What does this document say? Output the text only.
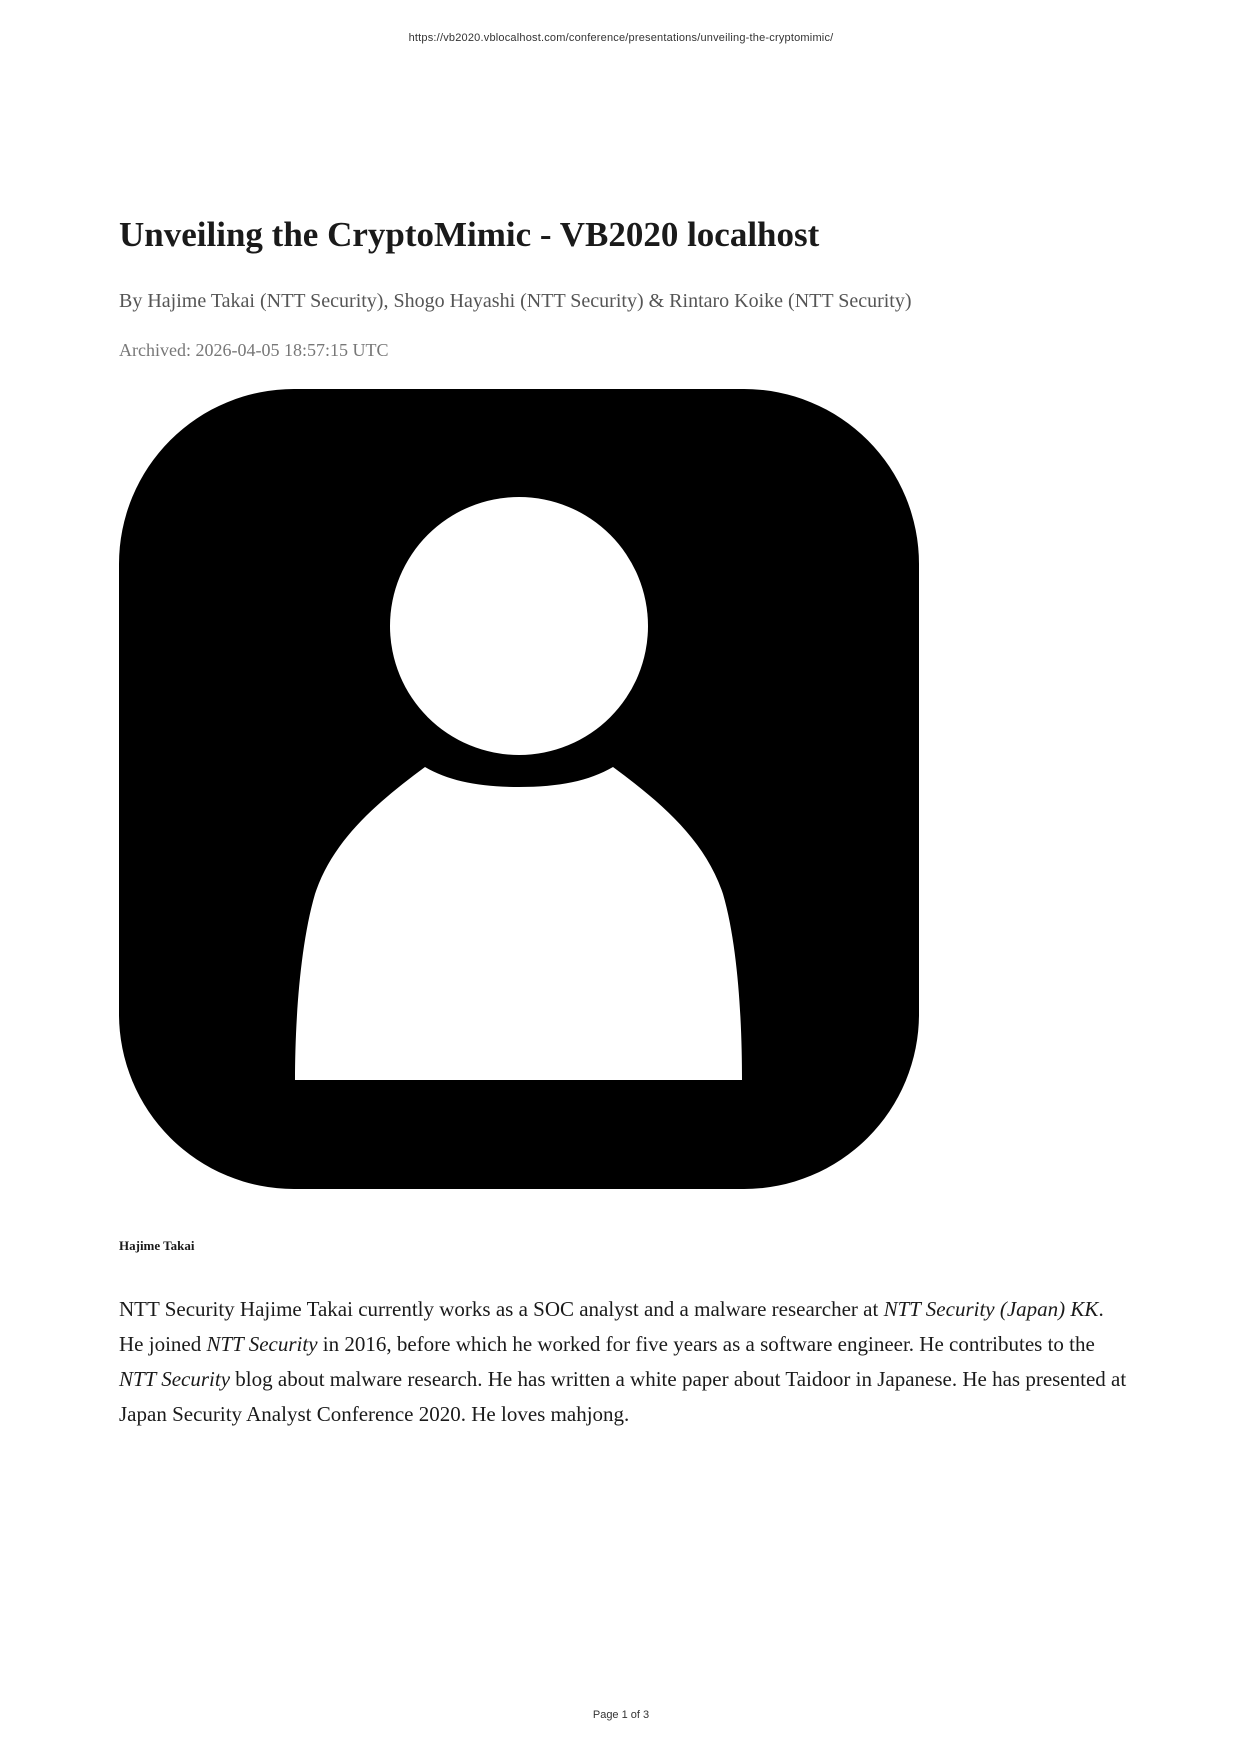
https://vb2020.vblocalhost.com/conference/presentations/unveiling-the-cryptomimic/
Unveiling the CryptoMimic - VB2020 localhost
By Hajime Takai (NTT Security), Shogo Hayashi (NTT Security) & Rintaro Koike (NTT Security)
Archived: 2026-04-05 18:57:15 UTC
Hajime Takai

NTT Security Hajime Takai currently works as a SOC analyst and a malware researcher at NTT Security (Japan) KK. He joined NTT Security in 2016, before which he worked for five years as a software engineer. He contributes to the NTT Security blog about malware research. He has written a white paper about Taidoor in Japanese. He has presented at Japan Security Analyst Conference 2020. He loves mahjong.

Page 1 of 3
